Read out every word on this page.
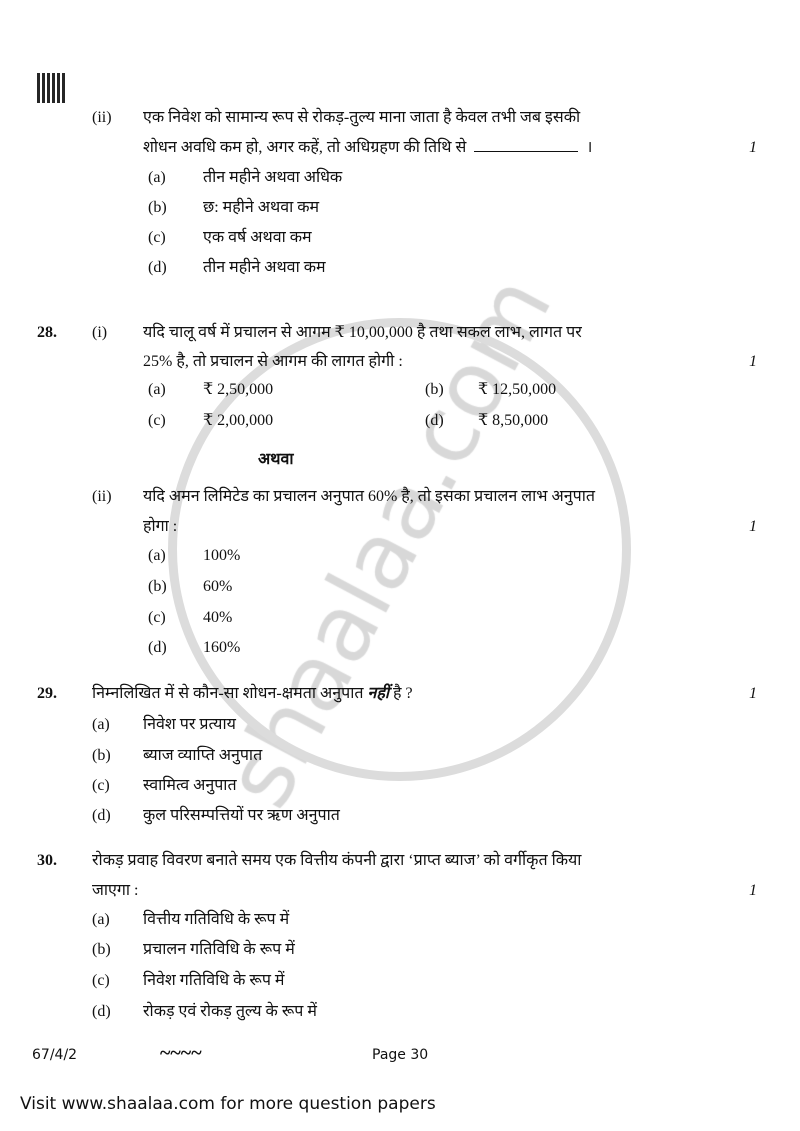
(ii) एक निवेश को सामान्य रूप से रोकड़-तुल्य माना जाता है केवल तभी जब इसकी
शोधन अवधि कम हो, अगर कहें, तो अधिग्रहण की तिथि से	।	1
(a) तीन महीने अथवा अधिक
(b) छ: महीने अथवा कम
(c) एक वर्ष अथवा कम
(d) तीन महीने अथवा कम
28. (i) यदि चालू वर्ष में प्रचालन से आगम ₹ 10,00,000 है तथा सकल लाभ, लागत पर
25% है, तो प्रचालन से आगम की लागत होगी :	1
(a) ₹ 2,50,000	(b) ₹ 12,50,000
(c) ₹ 2,00,000	(d) ₹ 8,50,000
अथवा
(ii) यदि अमन लिमिटेड का प्रचालन अनुपात 60% है, तो इसका प्रचालन लाभ अनुपात
होगा :	1
(a) 100%
(b) 60%
(c) 40%
(d) 160%
29. निम्नलिखित में से कौन-सा शोधन-क्षमता अनुपात नहीं है ?	1
(a) निवेश पर प्रत्याय
(b) ब्याज व्याप्ति अनुपात
(c) स्वामित्व अनुपात
(d) कुल परिसम्पत्तियों पर ऋण अनुपात
30. रोकड़ प्रवाह विवरण बनाते समय एक वित्तीय कंपनी द्वारा ‘प्राप्त ब्याज’ को वर्गीकृत किया
जाएगा :	1
(a) वित्तीय गतिविधि के रूप में
(b) प्रचालन गतिविधि के रूप में
(c) निवेश गतिविधि के रूप में
(d) रोकड़ एवं रोकड़ तुल्य के रूप में
67/4/2	~~~~	Page 30
Visit www.shaalaa.com for more question papers
